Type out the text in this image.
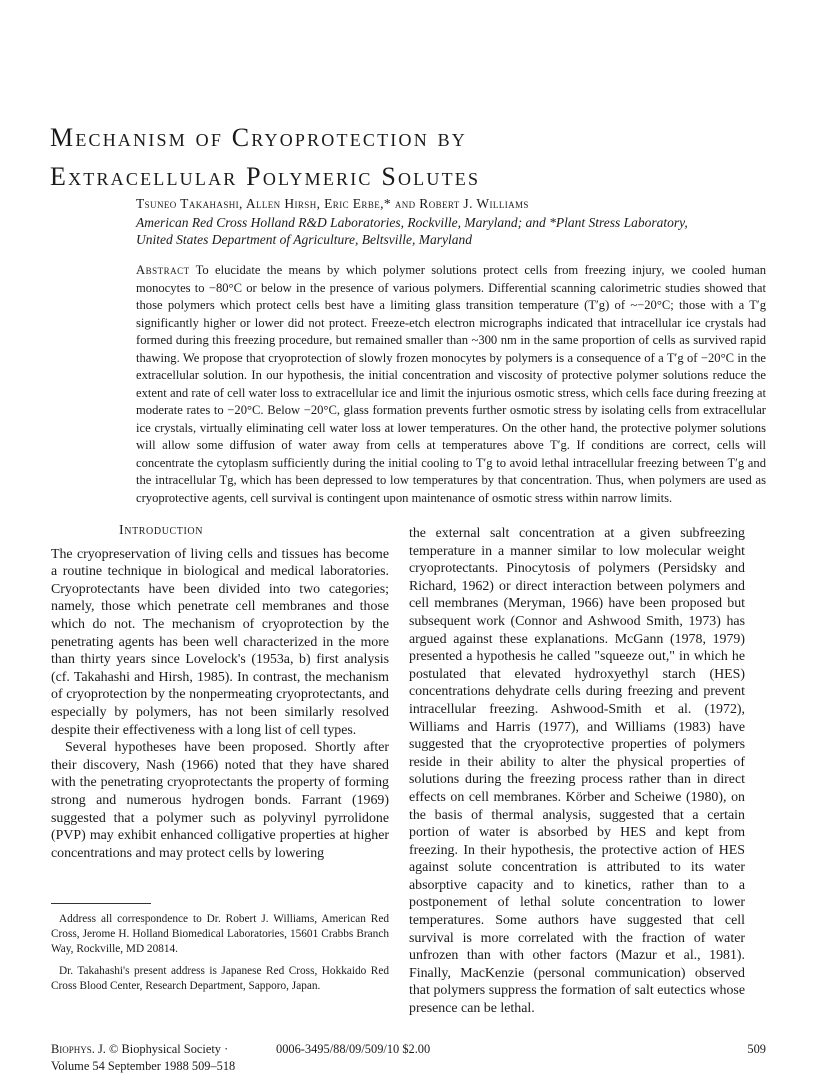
Mechanism of Cryoprotection by
Extracellular Polymeric Solutes
Tsuneo Takahashi, Allen Hirsh, Eric Erbe,* and Robert J. Williams
American Red Cross Holland R&D Laboratories, Rockville, Maryland; and *Plant Stress Laboratory,
United States Department of Agriculture, Beltsville, Maryland

Abstract To elucidate the means by which polymer solutions protect cells from freezing injury, we cooled human monocytes to −80°C or below in the presence of various polymers. Differential scanning calorimetric studies showed that those polymers which protect cells best have a limiting glass transition temperature (T′g) of ~−20°C; those with a T′g significantly higher or lower did not protect. Freeze-etch electron micrographs indicated that intracellular ice crystals had formed during this freezing procedure, but remained smaller than ~300 nm in the same proportion of cells as survived rapid thawing. We propose that cryoprotection of slowly frozen monocytes by polymers is a consequence of a T′g of −20°C in the extracellular solution. In our hypothesis, the initial concentration and viscosity of protective polymer solutions reduce the extent and rate of cell water loss to extracellular ice and limit the injurious osmotic stress, which cells face during freezing at moderate rates to −20°C. Below −20°C, glass formation prevents further osmotic stress by isolating cells from extracellular ice crystals, virtually eliminating cell water loss at lower temperatures. On the other hand, the protective polymer solutions will allow some diffusion of water away from cells at temperatures above T′g. If conditions are correct, cells will concentrate the cytoplasm sufficiently during the initial cooling to T′g to avoid lethal intracellular freezing between T′g and the intracellular Tg, which has been depressed to low temperatures by that concentration. Thus, when polymers are used as cryoprotective agents, cell survival is contingent upon maintenance of osmotic stress within narrow limits.

Introduction

The cryopreservation of living cells and tissues has become a routine technique in biological and medical laboratories. Cryoprotectants have been divided into two categories; namely, those which penetrate cell membranes and those which do not. The mechanism of cryoprotection by the penetrating agents has been well characterized in the more than thirty years since Lovelock's (1953a, b) first analysis (cf. Takahashi and Hirsh, 1985). In contrast, the mechanism of cryoprotection by the nonpermeating cryoprotectants, and especially by polymers, has not been similarly resolved despite their effectiveness with a long list of cell types.

Several hypotheses have been proposed. Shortly after their discovery, Nash (1966) noted that they have shared with the penetrating cryoprotectants the property of forming strong and numerous hydrogen bonds. Farrant (1969) suggested that a polymer such as polyvinyl pyrrolidone (PVP) may exhibit enhanced colligative properties at higher concentrations and may protect cells by lowering

the external salt concentration at a given subfreezing temperature in a manner similar to low molecular weight cryoprotectants. Pinocytosis of polymers (Persidsky and Richard, 1962) or direct interaction between polymers and cell membranes (Meryman, 1966) have been proposed but subsequent work (Connor and Ashwood Smith, 1973) has argued against these explanations. McGann (1978, 1979) presented a hypothesis he called "squeeze out," in which he postulated that elevated hydroxyethyl starch (HES) concentrations dehydrate cells during freezing and prevent intracellular freezing. Ashwood-Smith et al. (1972), Williams and Harris (1977), and Williams (1983) have suggested that the cryoprotective properties of polymers reside in their ability to alter the physical properties of solutions during the freezing process rather than in direct effects on cell membranes. Körber and Scheiwe (1980), on the basis of thermal analysis, suggested that a certain portion of water is absorbed by HES and kept from freezing. In their hypothesis, the protective action of HES against solute concentration is attributed to its water absorptive capacity and to kinetics, rather than to a postponement of lethal solute concentration to lower temperatures. Some authors have suggested that cell survival is more correlated with the fraction of water unfrozen than with other factors (Mazur et al., 1981). Finally, MacKenzie (personal communication) observed that polymers suppress the formation of salt eutectics whose presence can be lethal.

Address all correspondence to Dr. Robert J. Williams, American Red Cross, Jerome H. Holland Biomedical Laboratories, 15601 Crabbs Branch Way, Rockville, MD 20814.

Dr. Takahashi's present address is Japanese Red Cross, Hokkaido Red Cross Blood Center, Research Department, Sapporo, Japan.

Biophys. J. © Biophysical Society ·	0006-3495/88/09/509/10 $2.00	509
Volume 54 September 1988 509–518
